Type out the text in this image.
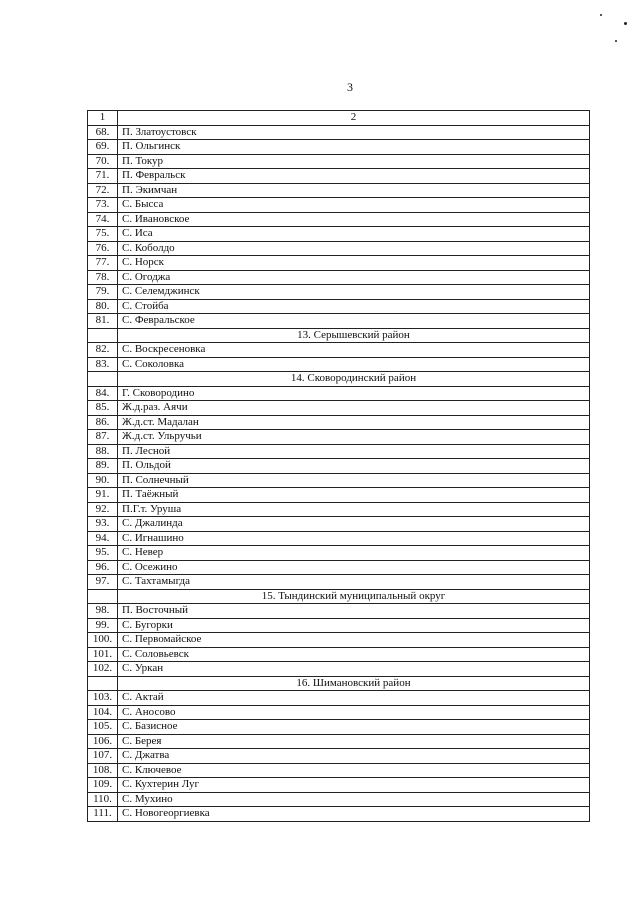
3
1	2
68.	П. Златоустовск
69.	П. Ольгинск
70.	П. Токур
71.	П. Февральск
72.	П. Экимчан
73.	С. Бысса
74.	С. Ивановское
75.	С. Иса
76.	С. Коболдо
77.	С. Норск
78.	С. Огоджа
79.	С. Селемджинск
80.	С. Стойба
81.	С. Февральское
	13. Серышевский район
82.	С. Воскресеновка
83.	С. Соколовка
	14. Сковородинский район
84.	Г. Сковородино
85.	Ж.д.раз. Аячи
86.	Ж.д.ст. Мадалан
87.	Ж.д.ст. Ульручьи
88.	П. Лесной
89.	П. Ольдой
90.	П. Солнечный
91.	П. Таёжный
92.	П.Г.т. Уруша
93.	С. Джалинда
94.	С. Игнашино
95.	С. Невер
96.	С. Осежино
97.	С. Тахтамыгда
	15. Тындинский муниципальный округ
98.	П. Восточный
99.	С. Бугорки
100.	С. Первомайское
101.	С. Соловьевск
102.	С. Уркан
	16. Шимановский район
103.	С. Актай
104.	С. Аносово
105.	С. Базисное
106.	С. Берея
107.	С. Джатва
108.	С. Ключевое
109.	С. Кухтерин Луг
110.	С. Мухино
111.	С. Новогеоргиевка
